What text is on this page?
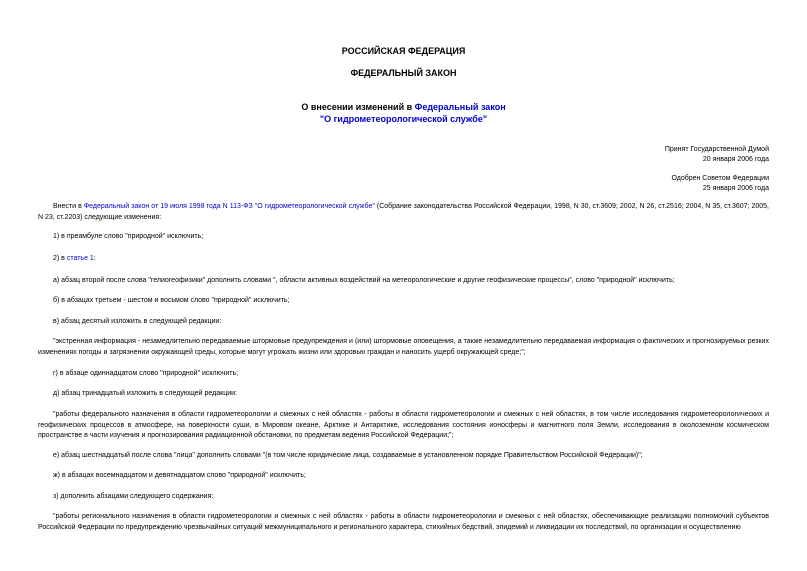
РОССИЙСКАЯ ФЕДЕРАЦИЯ
ФЕДЕРАЛЬНЫЙ ЗАКОН
О внесении изменений в Федеральный закон
"О гидрометеорологической службе"
Принят Государственной Думой
20 января 2006 года
Одобрен Советом Федерации
25 января 2006 года
Внести в Федеральный закон от 19 июля 1998 года N 113-ФЗ "О гидрометеорологической службе" (Собрание законодательства Российской Федерации, 1998, N 30, ст.3609; 2002, N 26, ст.2516; 2004, N 35, ст.3607; 2005, N 23, ст.2203) следующие изменения:
1) в преамбуле слово "природной" исключить;
2) в статье 1:
а) абзац второй после слова "гелиогеофизики" дополнить словами ", области активных воздействий на метеорологические и другие геофизические процессы", слово "природной" исключить;
б) в абзацах третьем - шестом и восьмом слово "природной" исключить;
в) абзац десятый изложить в следующей редакции:
"экстренная информация - незамедлительно передаваемые штормовые предупреждения и (или) штормовые оповещения, а также незамедлительно передаваемая информация о фактических и прогнозируемых резких изменениях погоды и загрязнении окружающей среды, которые могут угрожать жизни или здоровью граждан и наносить ущерб окружающей среде;";
г) в абзаце одиннадцатом слово "природной" исключить;
д) абзац тринадцатый изложить в следующей редакции:
"работы федерального назначения в области гидрометеорологии и смежных с ней областях - работы в области гидрометеорологии и смежных с ней областях, в том числе исследования гидрометеорологических и геофизических процессов в атмосфере, на поверхности суши, в Мировом океане, Арктике и Антарктике, исследования состояния ионосферы и магнитного поля Земли, исследования в околоземном космическом пространстве в части изучения и прогнозирования радиационной обстановки, по предметам ведения Российской Федерации;";
е) абзац шестнадцатый после слова "лица" дополнить словами "(в том числе юридические лица, создаваемые в установленном порядке Правительством Российской Федерации)";
ж) в абзацах восемнадцатом и девятнадцатом слово "природной" исключить;
з) дополнить абзацами следующего содержания:
"работы регионального назначения в области гидрометеорологии и смежных с ней областях - работы в области гидрометеорологии и смежных с ней областях, обеспечивающие реализацию полномочий субъектов Российской Федерации по предупреждению чрезвычайных ситуаций межмуниципального и регионального характера, стихийных бедствий, эпидемий и ликвидации их последствий, по организации и осуществлению
